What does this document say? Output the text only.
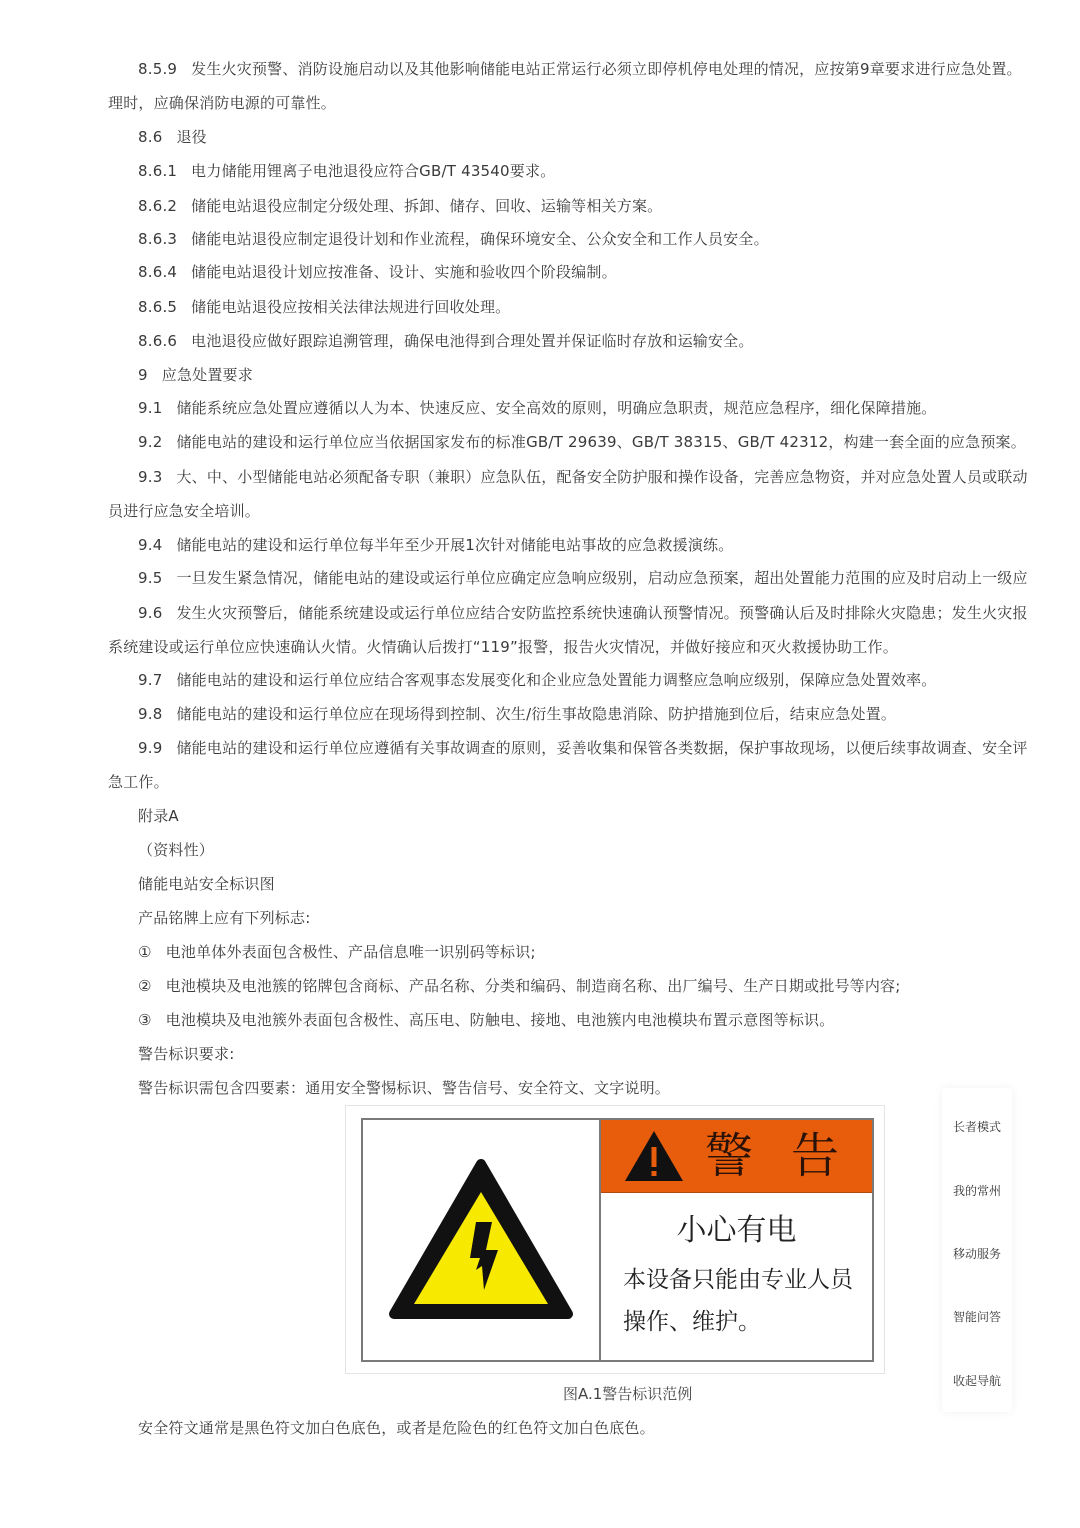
8.5.9 发生火灾预警、消防设施启动以及其他影响储能电站正常运行必须立即停机停电处理的情况，应按第9章要求进行应急处置。
理时，应确保消防电源的可靠性。
8.6 退役
8.6.1 电力储能用锂离子电池退役应符合GB/T 43540要求。
8.6.2 储能电站退役应制定分级处理、拆卸、储存、回收、运输等相关方案。
8.6.3 储能电站退役应制定退役计划和作业流程，确保环境安全、公众安全和工作人员安全。
8.6.4 储能电站退役计划应按准备、设计、实施和验收四个阶段编制。
8.6.5 储能电站退役应按相关法律法规进行回收处理。
8.6.6 电池退役应做好跟踪追溯管理，确保电池得到合理处置并保证临时存放和运输安全。
9 应急处置要求
9.1 储能系统应急处置应遵循以人为本、快速反应、安全高效的原则，明确应急职责，规范应急程序，细化保障措施。
9.2 储能电站的建设和运行单位应当依据国家发布的标准GB/T 29639、GB/T 38315、GB/T 42312，构建一套全面的应急预案。
9.3 大、中、小型储能电站必须配备专职（兼职）应急队伍，配备安全防护服和操作设备，完善应急物资，并对应急处置人员或联动
员进行应急安全培训。
9.4 储能电站的建设和运行单位每半年至少开展1次针对储能电站事故的应急救援演练。
9.5 一旦发生紧急情况，储能电站的建设或运行单位应确定应急响应级别，启动应急预案，超出处置能力范围的应及时启动上一级应
9.6 发生火灾预警后，储能系统建设或运行单位应结合安防监控系统快速确认预警情况。预警确认后及时排除火灾隐患；发生火灾报
系统建设或运行单位应快速确认火情。火情确认后拨打“119”报警，报告火灾情况，并做好接应和灭火救援协助工作。
9.7 储能电站的建设和运行单位应结合客观事态发展变化和企业应急处置能力调整应急响应级别，保障应急处置效率。
9.8 储能电站的建设和运行单位应在现场得到控制、次生/衍生事故隐患消除、防护措施到位后，结束应急处置。
9.9 储能电站的建设和运行单位应遵循有关事故调查的原则，妥善收集和保管各类数据，保护事故现场，以便后续事故调查、安全评
急工作。
附录A
（资料性）
储能电站安全标识图
产品铭牌上应有下列标志:
① 电池单体外表面包含极性、产品信息唯一识别码等标识;
② 电池模块及电池簇的铭牌包含商标、产品名称、分类和编码、制造商名称、出厂编号、生产日期或批号等内容;
③ 电池模块及电池簇外表面包含极性、高压电、防触电、接地、电池簇内电池模块布置示意图等标识。
警告标识要求:
警告标识需包含四要素：通用安全警惕标识、警告信号、安全符文、文字说明。
安全符文通常是黑色符文加白色底色，或者是危险色的红色符文加白色底色。
警 告
小心有电
本设备只能由专业人员
操作、维护。
图A.1警告标识范例
长者模式
我的常州
移动服务
智能问答
收起导航
